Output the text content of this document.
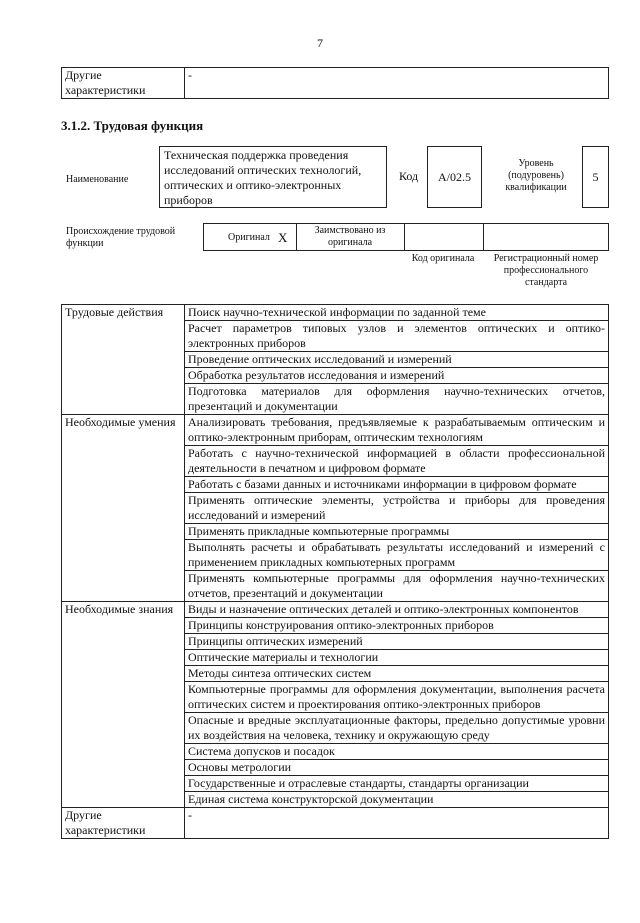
7
Другие характеристики	-
3.1.2. Трудовая функция
Наименование
Техническая поддержка проведения исследований оптических технологий, оптических и оптико-электронных приборов
Код	A/02.5
Уровень (подуровень) квалификации
5
Происхождение трудовой функции
Оригинал X	Заимствовано из оригинала
Код оригинала	Регистрационный номер профессионального стандарта
Трудовые действия	Поиск научно-технической информации по заданной теме
	Расчет параметров типовых узлов и элементов оптических и оптико-электронных приборов
	Проведение оптических исследований и измерений
	Обработка результатов исследования и измерений
	Подготовка материалов для оформления научно-технических отчетов, презентаций и документации
Необходимые умения	Анализировать требования, предъявляемые к разрабатываемым оптическим и оптико-электронным приборам, оптическим технологиям
	Работать с научно-технической информацией в области профессиональной деятельности в печатном и цифровом формате
	Работать с базами данных и источниками информации в цифровом формате
	Применять оптические элементы, устройства и приборы для проведения исследований и измерений
	Применять прикладные компьютерные программы
	Выполнять расчеты и обрабатывать результаты исследований и измерений с применением прикладных компьютерных программ
	Применять компьютерные программы для оформления научно-технических отчетов, презентаций и документации
Необходимые знания	Виды и назначение оптических деталей и оптико-электронных компонентов
	Принципы конструирования оптико-электронных приборов
	Принципы оптических измерений
	Оптические материалы и технологии
	Методы синтеза оптических систем
	Компьютерные программы для оформления документации, выполнения расчета оптических систем и проектирования оптико-электронных приборов
	Опасные и вредные эксплуатационные факторы, предельно допустимые уровни их воздействия на человека, технику и окружающую среду
	Система допусков и посадок
	Основы метрологии
	Государственные и отраслевые стандарты, стандарты организации
	Единая система конструкторской документации
Другие характеристики	-
